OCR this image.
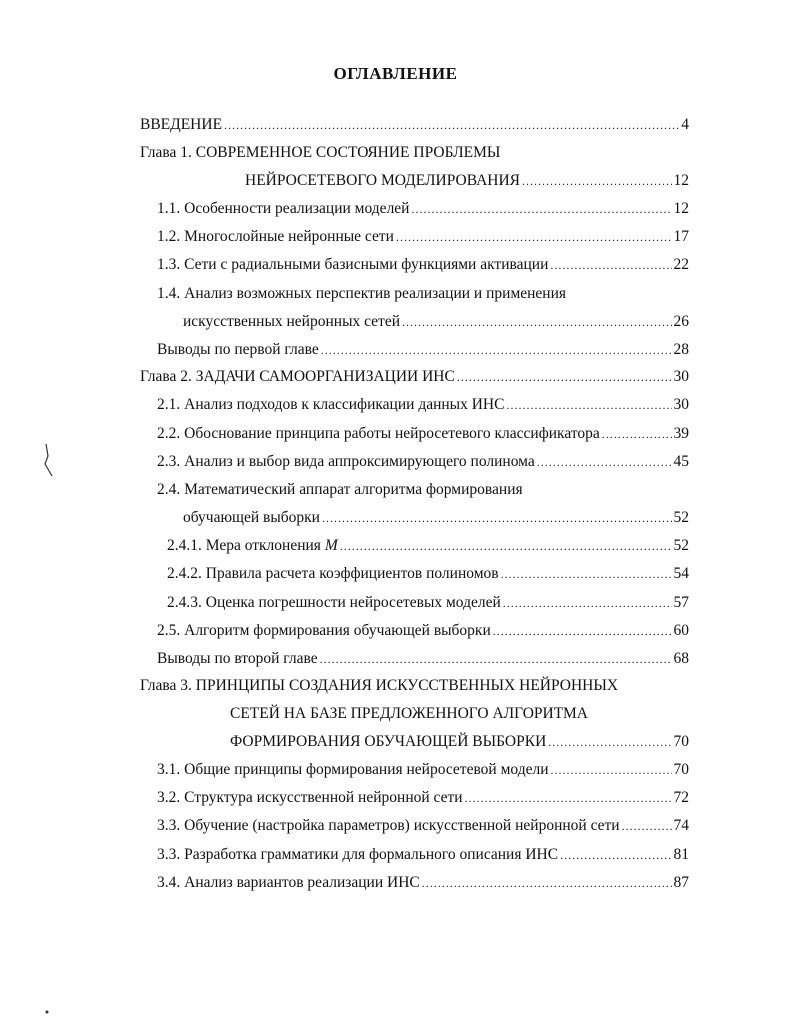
ОГЛАВЛЕНИЕ
ВВЕДЕНИЕ .....	4
Глава 1. СОВРЕМЕННОЕ СОСТОЯНИЕ ПРОБЛЕМЫ
НЕЙРОСЕТЕВОГО МОДЕЛИРОВАНИЯ .....	12
1.1. Особенности реализации моделей .....	12
1.2. Многослойные нейронные сети .....	17
1.3. Сети с радиальными базисными функциями активации .....	22
1.4. Анализ возможных перспектив реализации и применения
искусственных нейронных сетей .....	26
Выводы по первой главе .....	28
Глава 2. ЗАДАЧИ САМООРГАНИЗАЦИИ ИНС .....	30
2.1. Анализ подходов к классификации данных ИНС .....	30
2.2. Обоснование принципа работы нейросетевого классификатора .....	39
2.3. Анализ и выбор вида аппроксимирующего полинома .....	45
2.4. Математический аппарат алгоритма формирования
обучающей выборки .....	52
2.4.1. Мера отклонения M .....	52
2.4.2. Правила расчета коэффициентов полиномов .....	54
2.4.3. Оценка погрешности нейросетевых моделей .....	57
2.5. Алгоритм формирования обучающей выборки .....	60
Выводы по второй главе .....	68
Глава 3. ПРИНЦИПЫ СОЗДАНИЯ ИСКУССТВЕННЫХ НЕЙРОННЫХ
СЕТЕЙ НА БАЗЕ ПРЕДЛОЖЕННОГО АЛГОРИТМА
ФОРМИРОВАНИЯ ОБУЧАЮЩЕЙ ВЫБОРКИ .....	70
3.1. Общие принципы формирования нейросетевой модели .....	70
3.2. Структура искусственной нейронной сети .....	72
3.3. Обучение (настройка параметров) искусственной нейронной сети .....	74
3.3. Разработка грамматики для формального описания ИНС .....	81
3.4. Анализ вариантов реализации ИНС .....	87
